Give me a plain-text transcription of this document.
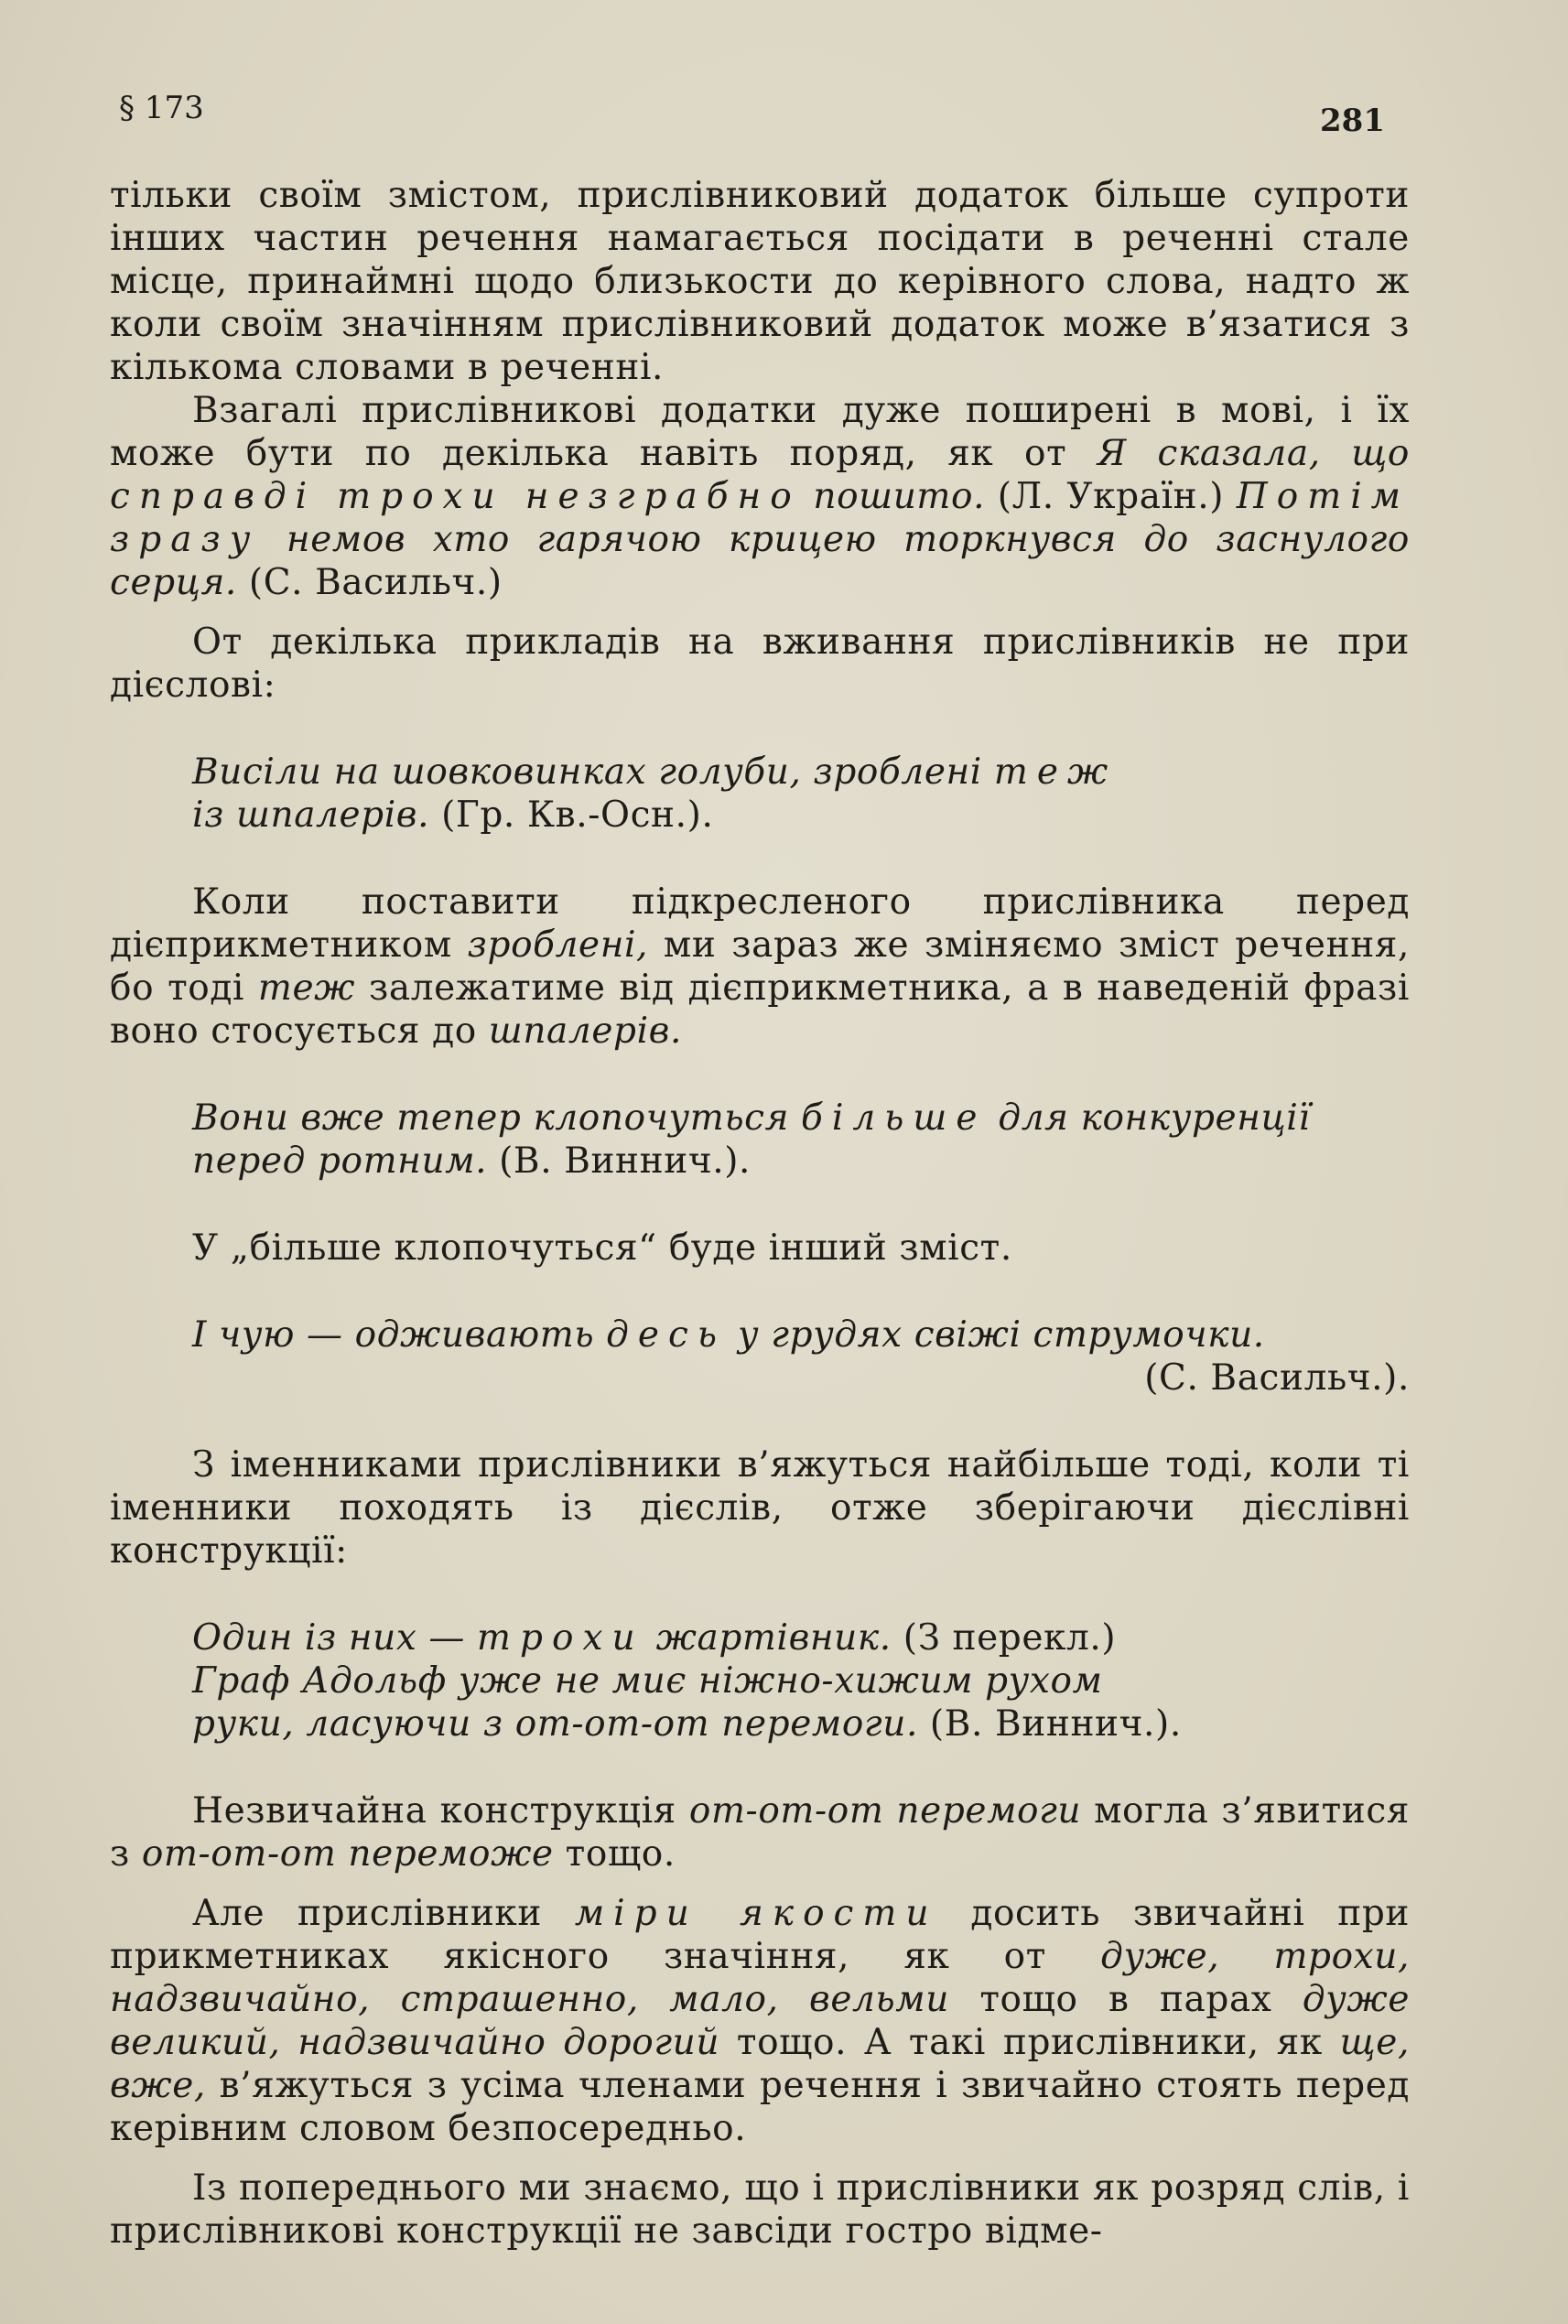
§ 173	281

тільки своїм змістом, прислівниковий додаток більше супроти інших частин речення намагається посідати в реченні стале місце, принаймні щодо близькости до керівного слова, надто ж коли своїм значінням прислівниковий додаток може в’язатися з кількома словами в реченні.

Взагалі прислівникові додатки дуже поширені в мові, і їх може бути по декілька навіть поряд, як от Я сказала, що справді трохи незграбно пошито. (Л. Україн.) Потім зразу немов хто гарячою крицею торкнувся до заснулого серця. (С. Васильч.)

От декілька прикладів на вживання прислівників не при дієслові:

Висіли на шовковинках голуби, зроблені теж
із шпалерів. (Гр. Кв.-Осн.).

Коли поставити підкресленого прислівника перед дієприкметником зроблені, ми зараз же зміняємо зміст речення, бо тоді теж залежатиме від дієприкметника, а в наведеній фразі воно стосується до шпалерів.

Вони вже тепер клопочуться більше для конкуренції перед ротним. (В. Виннич.).

У „більше клопочуться“ буде інший зміст.

І чую — одживають десь у грудях свіжі струмочки.

(С. Васильч.).

З іменниками прислівники в’яжуться найбільше тоді, коли ті іменники походять із дієслів, отже зберігаючи дієслівні конструкції:

Один із них — трохи жартівник. (З перекл.)
Граф Адольф уже не миє ніжно-хижим рухом
руки, ласуючи з от-от-от перемоги. (В. Виннич.).

Незвичайна конструкція от-от-от перемоги могла з’явитися з от-от-от переможе тощо.

Але прислівники міри якости досить звичайні при прикметниках якісного значіння, як от дуже, трохи, надзвичайно, страшенно, мало, вельми тощо в парах дуже великий, надзвичайно дорогий тощо. А такі прислівники, як ще, вже, в’яжуться з усіма членами речення і звичайно стоять перед керівним словом безпосередньо.

Із попереднього ми знаємо, що і прислівники як розряд слів, і прислівникові конструкції не завсіди гостро відме-
